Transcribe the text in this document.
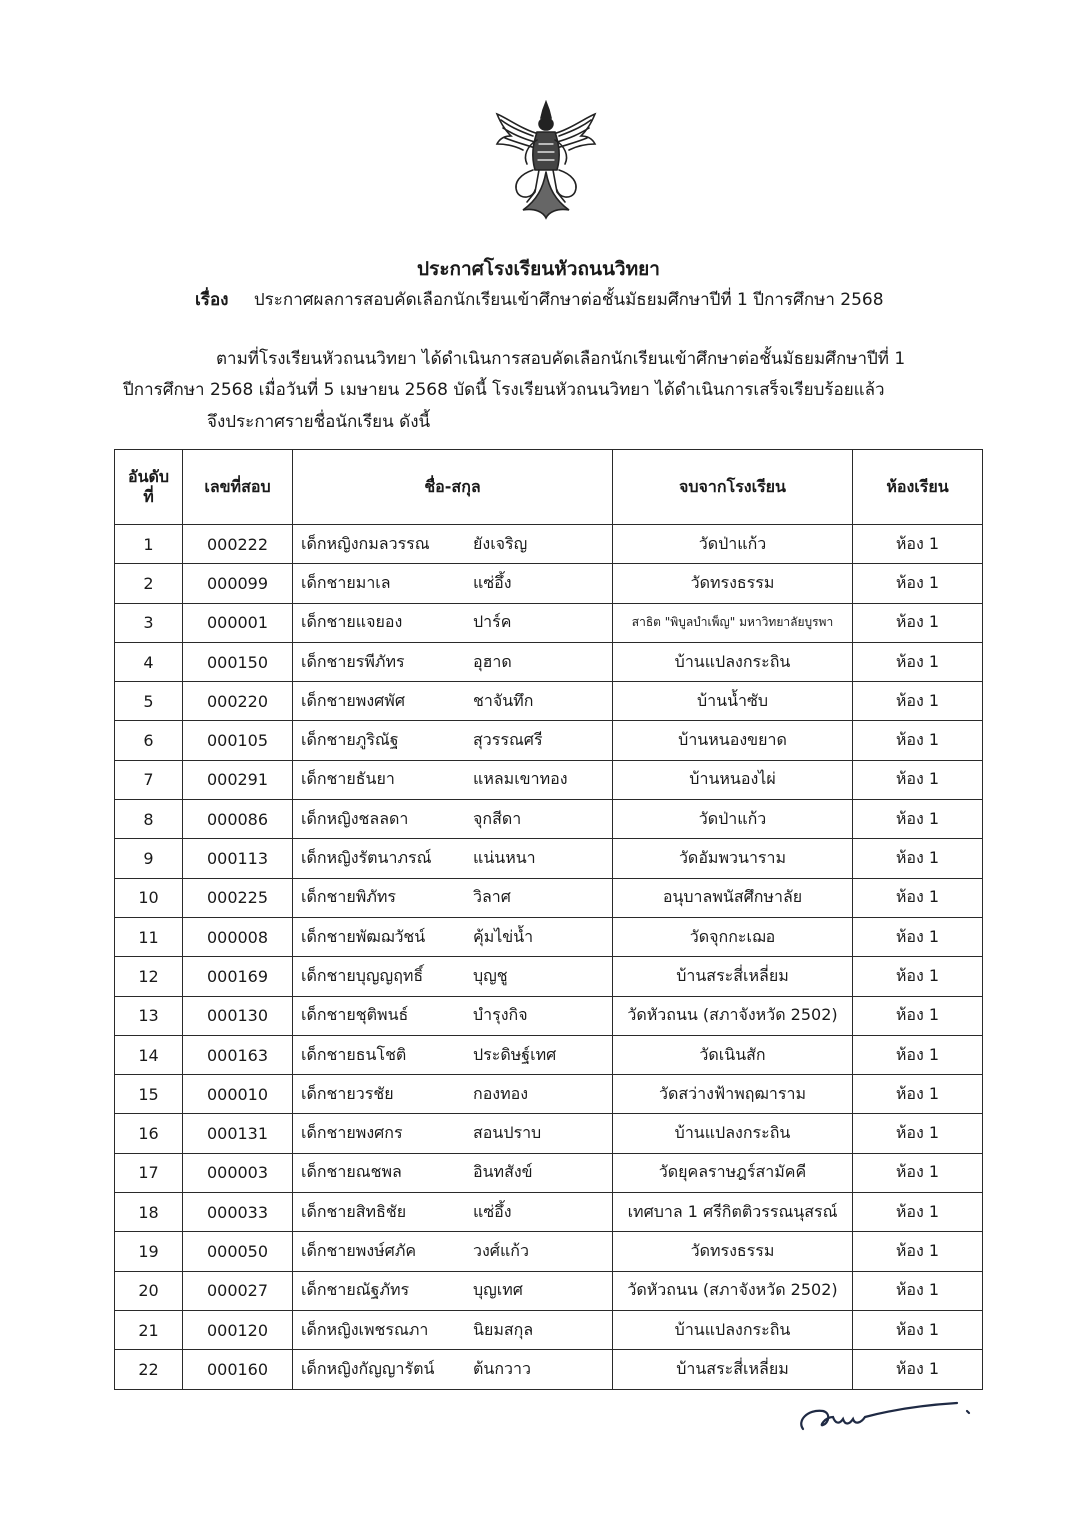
ประกาศโรงเรียนหัวถนนวิทยา
เรื่อง ประกาศผลการสอบคัดเลือกนักเรียนเข้าศึกษาต่อชั้นมัธยมศึกษาปีที่ 1 ปีการศึกษา 2568
ตามที่โรงเรียนหัวถนนวิทยา ได้ดำเนินการสอบคัดเลือกนักเรียนเข้าศึกษาต่อชั้นมัธยมศึกษาปีที่ 1
ปีการศึกษา 2568 เมื่อวันที่ 5 เมษายน 2568 บัดนี้ โรงเรียนหัวถนนวิทยา ได้ดำเนินการเสร็จเรียบร้อยแล้ว
จึงประกาศรายชื่อนักเรียน ดังนี้
อันดับ
ที่	เลขที่สอบ	ชื่อ-สกุล	จบจากโรงเรียน	ห้องเรียน
1	000222	เด็กหญิงกมลวรรณ ยังเจริญ	วัดป่าแก้ว	ห้อง 1
2	000099	เด็กชายมาเล แซ่อึ้ง	วัดทรงธรรม	ห้อง 1
3	000001	เด็กชายแจยอง ปาร์ค	สาธิต "พิบูลบำเพ็ญ" มหาวิทยาลัยบูรพา	ห้อง 1
4	000150	เด็กชายรพีภัทร อุฮาด	บ้านแปลงกระถิน	ห้อง 1
5	000220	เด็กชายพงศพัศ ชาจันทึก	บ้านน้ำซับ	ห้อง 1
6	000105	เด็กชายภูริณัฐ สุวรรณศรี	บ้านหนองขยาด	ห้อง 1
7	000291	เด็กชายธันยา แหลมเขาทอง	บ้านหนองไผ่	ห้อง 1
8	000086	เด็กหญิงชลลดา จุกสีดา	วัดป่าแก้ว	ห้อง 1
9	000113	เด็กหญิงรัตนาภรณ์ แน่นหนา	วัดอัมพวนาราม	ห้อง 1
10	000225	เด็กชายพิภัทร วิลาศ	อนุบาลพนัสศึกษาลัย	ห้อง 1
11	000008	เด็กชายพัฒฌวัชน์ คุ้มไข่น้ำ	วัดจุกกะเฌอ	ห้อง 1
12	000169	เด็กชายบุญญฤทธิ์ บุญชู	บ้านสระสี่เหลี่ยม	ห้อง 1
13	000130	เด็กชายชุติพนธ์ บำรุงกิจ	วัดหัวถนน (สภาจังหวัด 2502)	ห้อง 1
14	000163	เด็กชายธนโชติ ประดิษฐ์เทศ	วัดเนินสัก	ห้อง 1
15	000010	เด็กชายวรชัย กองทอง	วัดสว่างฟ้าพฤฒาราม	ห้อง 1
16	000131	เด็กชายพงศกร สอนปราบ	บ้านแปลงกระถิน	ห้อง 1
17	000003	เด็กชายณชพล อินทสังข์	วัดยุคลราษฎร์สามัคคี	ห้อง 1
18	000033	เด็กชายสิทธิชัย แซ่อึ้ง	เทศบาล 1 ศรีกิตติวรรณนุสรณ์	ห้อง 1
19	000050	เด็กชายพงษ์ศภัค วงศ์แก้ว	วัดทรงธรรม	ห้อง 1
20	000027	เด็กชายณัฐภัทร บุญเทศ	วัดหัวถนน (สภาจังหวัด 2502)	ห้อง 1
21	000120	เด็กหญิงเพชรณภา นิยมสกุล	บ้านแปลงกระถิน	ห้อง 1
22	000160	เด็กหญิงกัญญารัตน์ ต้นกวาว	บ้านสระสี่เหลี่ยม	ห้อง 1
